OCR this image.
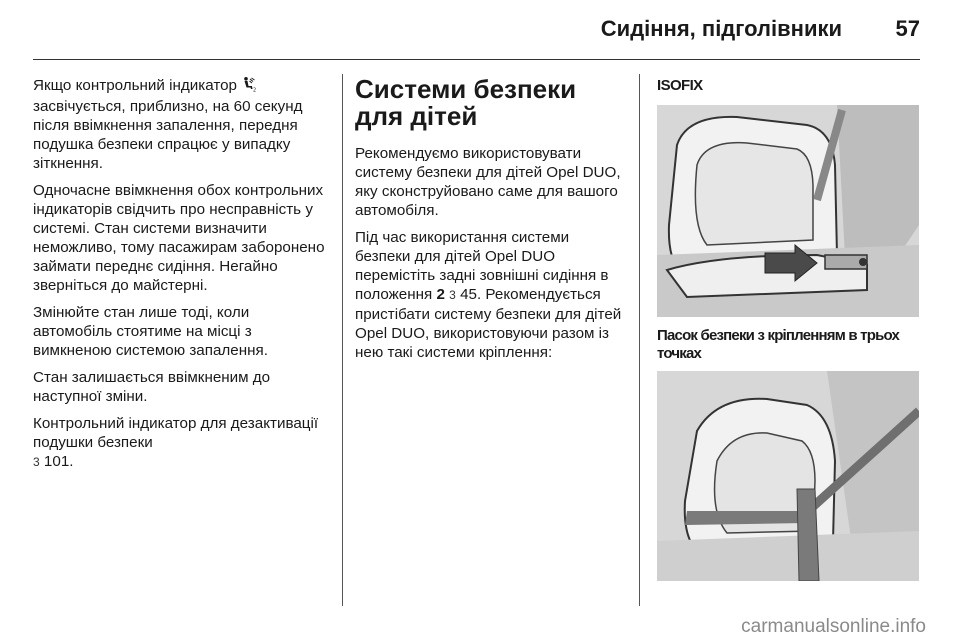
Сидіння, підголівники 57

Якщо контрольний індикатор	2
засвічується, приблизно, на 60 секунд після ввімкнення запалення, передня подушка безпеки спрацює у випадку зіткнення.

Одночасне ввімкнення обох контрольних індикаторів свідчить про несправність у системі. Стан системи визначити неможливо, тому пасажирам заборонено займати переднє сидіння. Негайно зверніться до майстерні.

Змінюйте стан лише тоді, коли автомобіль стоятиме на місці з вимкненою системою запалення.

Стан залишається ввімкненим до наступної зміни.

Контрольний індикатор для дезактивації подушки безпеки
3 101.

Системи безпеки для дітей

Рекомендуємо використовувати систему безпеки для дітей Opel DUO, яку сконструйовано саме для вашого автомобіля.

Під час використання системи безпеки для дітей Opel DUO перемістіть задні зовнішні сидіння в положення 2 3 45. Рекомендується пристібати систему безпеки для дітей Opel DUO, використовуючи разом із нею такі системи кріплення:

ISOFIX
Пасок безпеки з кріпленням в трьох точках
carmanualsonline.info
